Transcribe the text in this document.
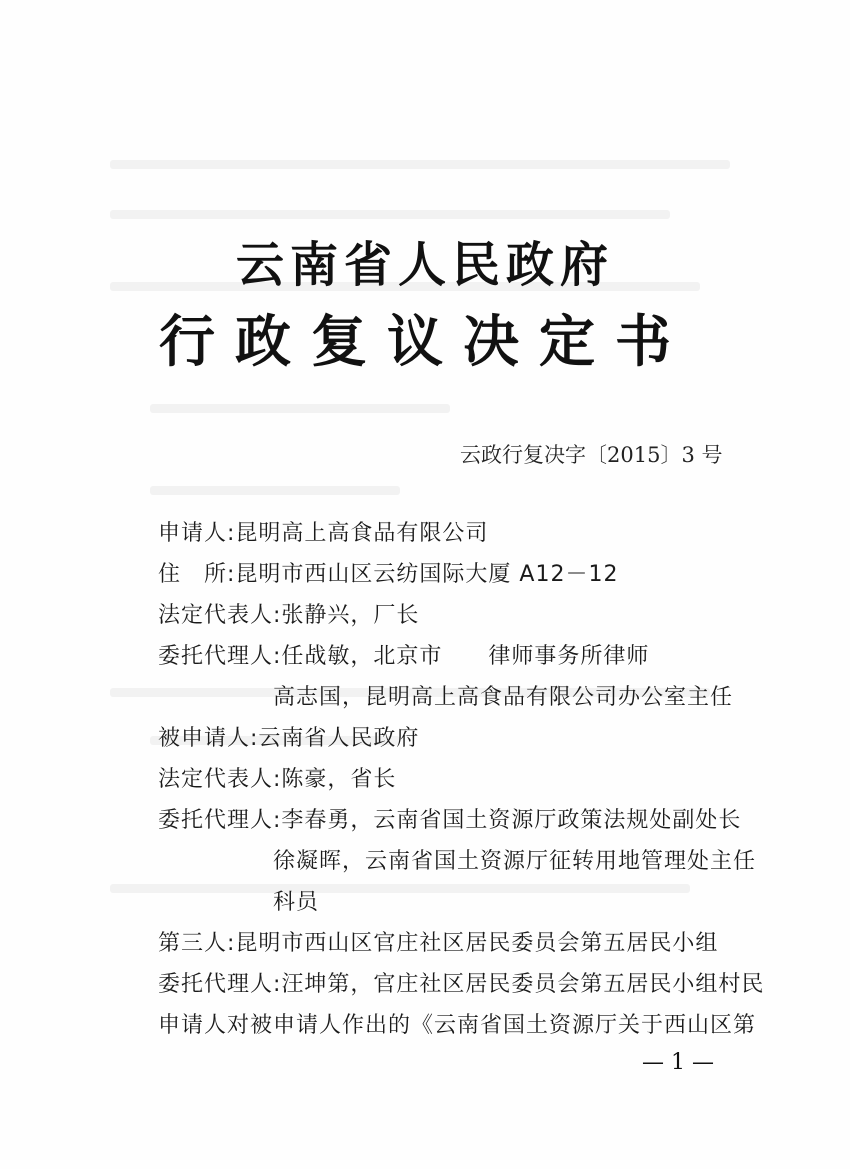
云南省人民政府
行政复议决定书
云政行复决字〔2015〕3 号
申请人:昆明高上高食品有限公司
住　所:昆明市西山区云纺国际大厦 A12－12
法定代表人:张静兴，厂长
委托代理人:任战敏，北京市　　律师事务所律师
高志国，昆明高上高食品有限公司办公室主任
被申请人:云南省人民政府
法定代表人:陈豪，省长
委托代理人:李春勇，云南省国土资源厅政策法规处副处长
徐凝晖，云南省国土资源厅征转用地管理处主任
科员
第三人:昆明市西山区官庄社区居民委员会第五居民小组
委托代理人:汪坤第，官庄社区居民委员会第五居民小组村民
申请人对被申请人作出的《云南省国土资源厅关于西山区第
— 1 —
